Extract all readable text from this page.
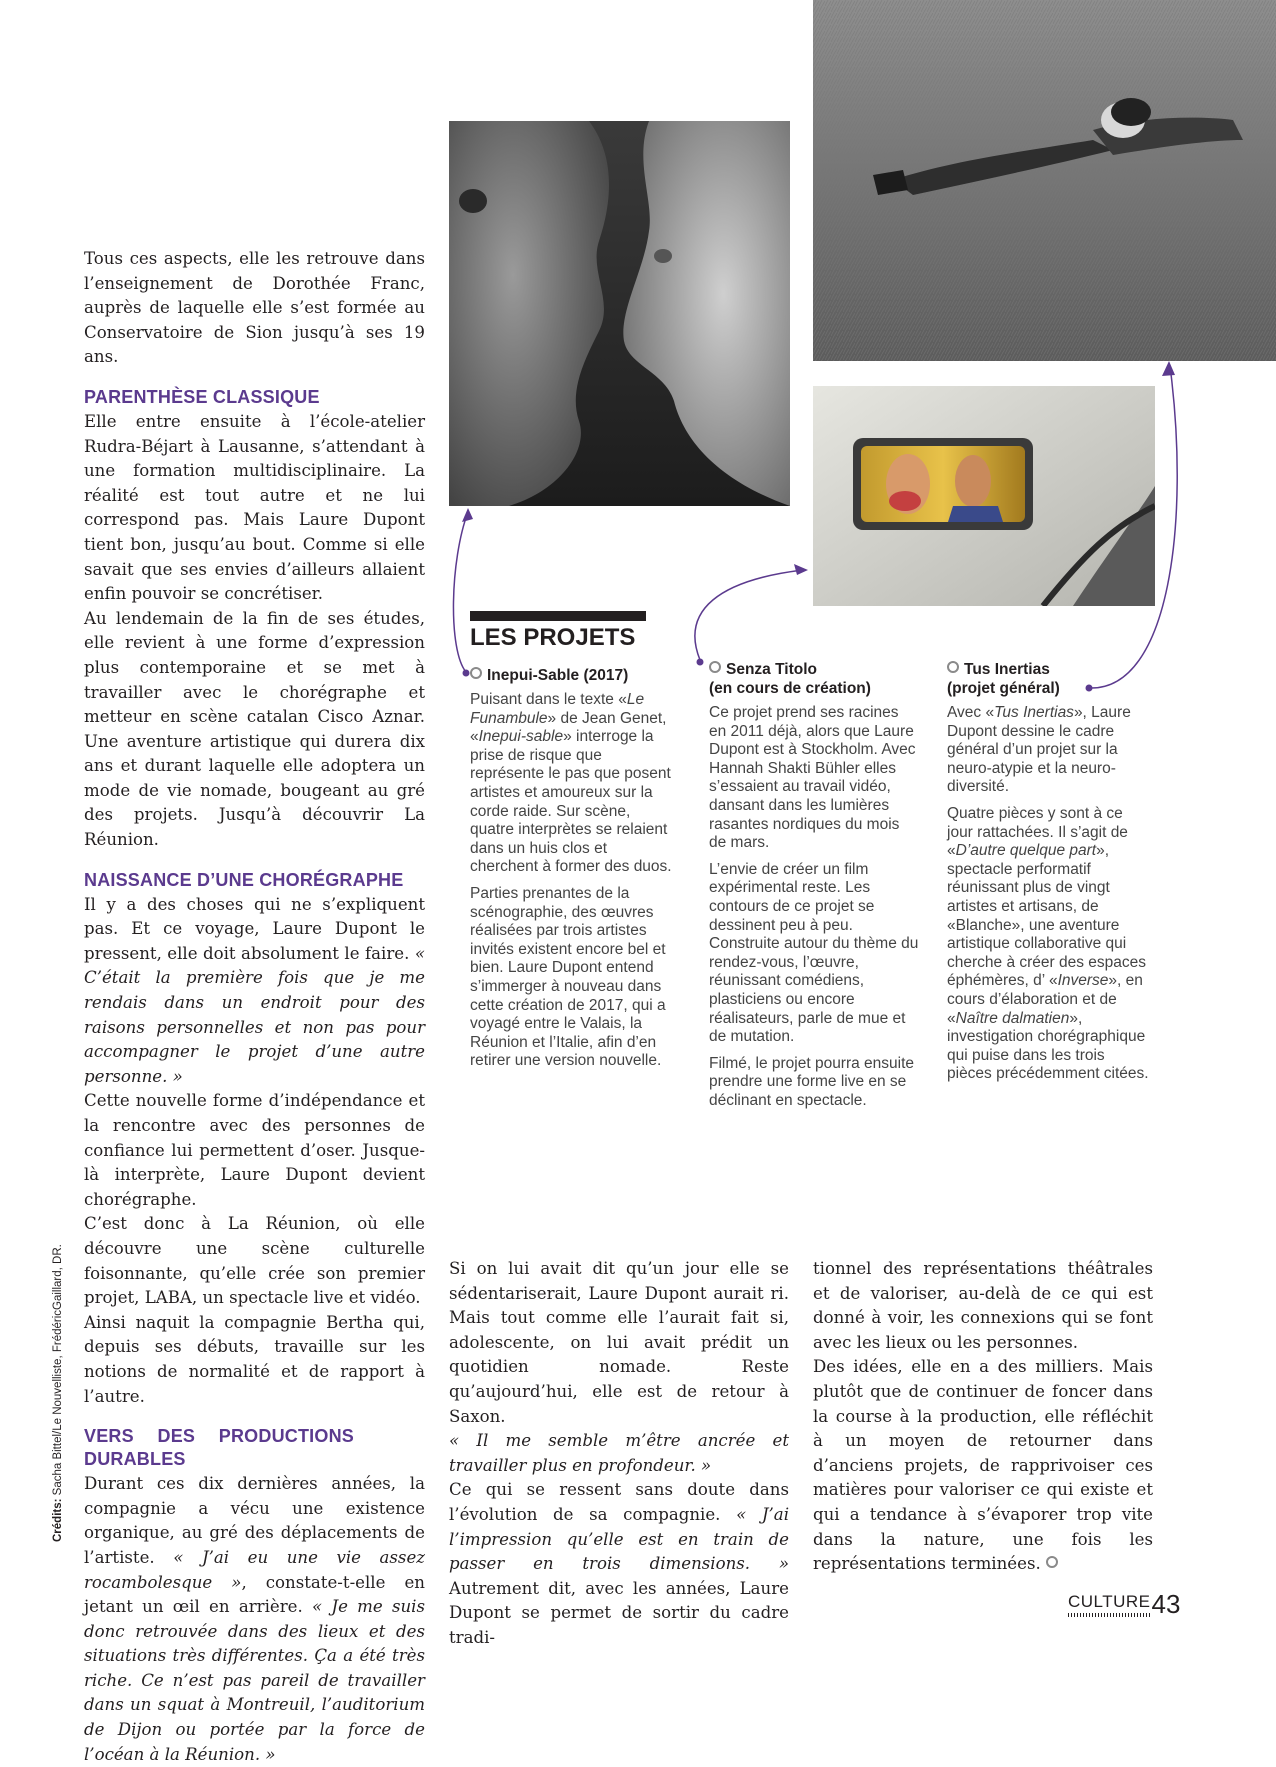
Tous ces aspects, elle les retrouve dans l’enseignement de Dorothée Franc, auprès de laquelle elle s’est formée au Conservatoire de Sion jusqu’à ses 19 ans.

PARENTHÈSE CLASSIQUE

Elle entre ensuite à l’école-atelier Rudra-Béjart à Lausanne, s’attendant à une formation multidisciplinaire. La réalité est tout autre et ne lui correspond pas. Mais Laure Dupont tient bon, jusqu’au bout. Comme si elle savait que ses envies d’ailleurs allaient enfin pouvoir se concrétiser.

Au lendemain de la fin de ses études, elle revient à une forme d’expression plus contemporaine et se met à travailler avec le chorégraphe et metteur en scène catalan Cisco Aznar. Une aventure artistique qui durera dix ans et durant laquelle elle adoptera un mode de vie nomade, bougeant au gré des projets. Jusqu’à découvrir La Réunion.

NAISSANCE D’UNE CHORÉGRAPHE

Il y a des choses qui ne s’expliquent pas. Et ce voyage, Laure Dupont le pressent, elle doit absolument le faire. « C’était la première fois que je me rendais dans un endroit pour des raisons personnelles et non pas pour accompagner le projet d’une autre personne. »

Cette nouvelle forme d’indépendance et la rencontre avec des personnes de confiance lui permettent d’oser. Jusque-là interprète, Laure Dupont devient chorégraphe.

C’est donc à La Réunion, où elle découvre une scène culturelle foisonnante, qu’elle crée son premier projet, LABA, un spectacle live et vidéo.

Ainsi naquit la compagnie Bertha qui, depuis ses débuts, travaille sur les notions de normalité et de rapport à l’autre.

VERS DES PRODUCTIONS DURABLES

Durant ces dix dernières années, la compagnie a vécu une existence organique, au gré des déplacements de l’artiste. « J’ai eu une vie assez rocambolesque », constate-t-elle en jetant un œil en arrière. « Je me suis donc retrouvée dans des lieux et des situations très différentes. Ça a été très riche. Ce n’est pas pareil de travailler dans un squat à Montreuil, l’auditorium de Dijon ou portée par la force de l’océan à la Réunion. »

Si on lui avait dit qu’un jour elle se sédentariserait, Laure Dupont aurait ri. Mais tout comme elle l’aurait fait si, adolescente, on lui avait prédit un quotidien nomade. Reste qu’aujourd’hui, elle est de retour à Saxon.

« Il me semble m’être ancrée et travailler plus en profondeur. »

Ce qui se ressent sans doute dans l’évolution de sa compagnie. « J’ai l’impression qu’elle est en train de passer en trois dimensions. » Autrement dit, avec les années, Laure Dupont se permet de sortir du cadre tradi-

tionnel des représentations théâtrales et de valoriser, au-delà de ce qui est donné à voir, les connexions qui se font avec les lieux ou les personnes.

Des idées, elle en a des milliers. Mais plutôt que de continuer de foncer dans la course à la production, elle réfléchit à un moyen de retourner dans d’anciens projets, de rapprivoiser ces matières pour valoriser ce qui existe et qui a tendance à s’évaporer trop vite dans la nature, une fois les représentations terminées.

LES PROJETS
Inepui-Sable (2017)

Puisant dans le texte «Le Funambule» de Jean Genet, «Inepui-sable» interroge la prise de risque que représente le pas que posent artistes et amoureux sur la corde raide. Sur scène, quatre interprètes se relaient dans un huis clos et cherchent à former des duos.

Parties prenantes de la scénographie, des œuvres réalisées par trois artistes invités existent encore bel et bien. Laure Dupont entend s’immerger à nouveau dans cette création de 2017, qui a voyagé entre le Valais, la Réunion et l’Italie, afin d’en retirer une version nouvelle.

Senza Titolo
(en cours de création)

Ce projet prend ses racines en 2011 déjà, alors que Laure Dupont est à Stockholm. Avec Hannah Shakti Bühler elles s’essaient au travail vidéo, dansant dans les lumières rasantes nordiques du mois de mars.

L’envie de créer un film expérimental reste. Les contours de ce projet se dessinent peu à peu. Construite autour du thème du rendez-vous, l’œuvre, réunissant comédiens, plasticiens ou encore réalisateurs, parle de mue et de mutation.

Filmé, le projet pourra ensuite prendre une forme live en se déclinant en spectacle.

Tus Inertias
(projet général)

Avec «Tus Inertias», Laure Dupont dessine le cadre général d’un projet sur la neuro-atypie et la neuro-diversité.

Quatre pièces y sont à ce jour rattachées. Il s’agit de «D’autre quelque part», spectacle performatif réunissant plus de vingt artistes et artisans, de «Blanche», une aventure artistique collaborative qui cherche à créer des espaces éphémères, d’ «Inverse», en cours d’élaboration et de «Naître dalmatien», investigation chorégraphique qui puise dans les trois pièces précédemment citées.

Crédits: Sacha Bittel/Le Nouvelliste, FrédéricGaillard, DR.
CULTURE 43
